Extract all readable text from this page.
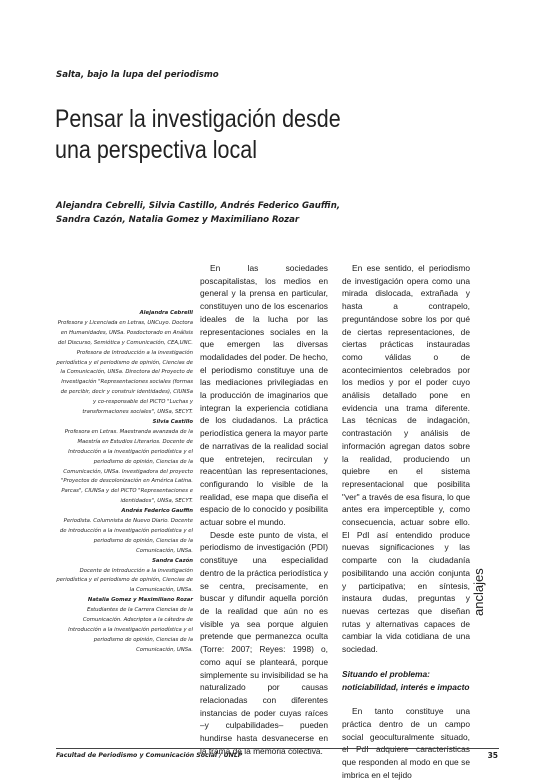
Salta, bajo la lupa del periodismo
Pensar la investigación desde
una perspectiva local
Alejandra Cebrelli, Silvia Castillo, Andrés Federico Gauffin,
Sandra Cazón, Natalia Gomez y Maximiliano Rozar
Alejandra Cebrelli
Profesora y Licenciada en Letras, UNCuyo. Doctora en Humanidades, UNSa. Posdoctorado en Análisis del Discurso, Semiótica y Comunicación, CEA,UNC. Profesora de Introducción a la investigación periodística y el periodismo de opinión, Ciencias de la Comunicación, UNSa. Directora del Proyecto de Investigación "Representaciones sociales (formas de percibir, decir y construir identidades), CIUNSa y co-responsable del PICTO "Luchas y transformaciones sociales", UNSa, SECYT.
Silvia Castillo
Profesora en Letras. Maestranda avanzada de la Maestría en Estudios Literarios. Docente de Introducción a la investigación periodística y el periodismo de opinión, Ciencias de la Comunicación, UNSa. Investigadora del proyecto "Proyectos de descolonización en América Latina. Parcas", CIUNSa y del PICTO "Representaciones e identidades", UNSa, SECYT.
Andrés Federico Gauffin
Periodista. Columnista de Nuevo Diario. Docente de introducción a la investigación periodística y el periodismo de opinión, Ciencias de la Comunicación, UNSa.
Sandra Cazón
Docente de Introducción a la investigación periodística y el periodismo de opinión, Ciencias de la Comunicación, UNSa.
Natalia Gomez y Maximiliano Rozar
Estudiantes de la Carrera Ciencias de la Comunicación. Adscriptos a la cátedra de Introducción a la investigación periodística y el periodismo de opinión, Ciencias de la Comunicación, UNSa.

En las sociedades poscapitalistas, los medios en general y la prensa en particular, constituyen uno de los escenarios ideales de la lucha por las representaciones sociales en la que emergen las diversas modalidades del poder. De hecho, el periodismo constituye una de las mediaciones privilegiadas en la producción de imaginarios que integran la experiencia cotidiana de los ciudadanos. La práctica periodística genera la mayor parte de narrativas de la realidad social que entretejen, recirculan y reacentúan las representaciones, configurando lo visible de la realidad, ese mapa que diseña el espacio de lo conocido y posibilita actuar sobre el mundo.

Desde este punto de vista, el periodismo de investigación (PDI) constituye una especialidad dentro de la práctica periodística y se centra, precisamente, en buscar y difundir aquella porción de la realidad que aún no es visible ya sea porque alguien pretende que permanezca oculta (Torre: 2007; Reyes: 1998) o, como aquí se planteará, porque simplemente su invisibilidad se ha naturalizado por causas relacionadas con diferentes instancias de poder cuyas raíces –y culpabilidades– pueden hundirse hasta desvanecerse en la trama de la memoria colectiva.

En ese sentido, el periodismo de investigación opera como una mirada dislocada, extrañada y hasta a contrapelo, preguntándose sobre los por qué de ciertas representaciones, de ciertas prácticas instauradas como válidas o de acontecimientos celebrados por los medios y por el poder cuyo análisis detallado pone en evidencia una trama diferente. Las técnicas de indagación, contrastación y análisis de información agregan datos sobre la realidad, produciendo un quiebre en el sistema representacional que posibilita "ver" a través de esa fisura, lo que antes era imperceptible y, como consecuencia, actuar sobre ello. El PdI así entendido produce nuevas significaciones y las comparte con la ciudadanía posibilitando una acción conjunta y participativa; en síntesis, instaura dudas, preguntas y nuevas certezas que diseñan rutas y alternativas capaces de cambiar la vida cotidiana de una sociedad.

Situando el problema: noticiabilidad, interés e impacto

En tanto constituye una práctica dentro de un campo social geoculturalmente situado, el PdI adquiere características que responden al modo en que se imbrica en el tejido

anclajes
Facultad de Periodismo y Comunicación Social / UNLP	35
